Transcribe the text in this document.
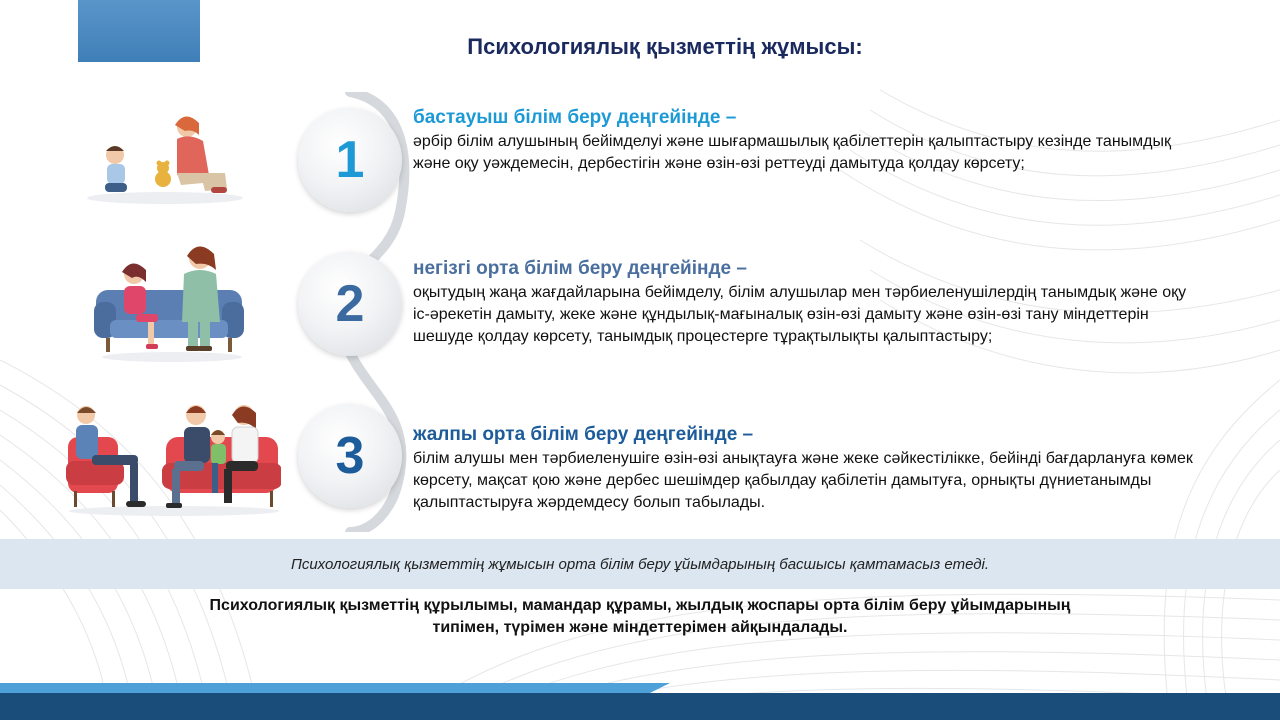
Психологиялық қызметтің жұмысы:
1
2
3
бастауыш білім беру деңгейінде –

әрбір білім алушының бейімделуі және шығармашылық қабілеттерін қалыптастыру кезінде танымдық және оқу уәждемесін, дербестігін және өзін-өзі реттеуді дамытуда қолдау көрсету;

негізгі орта білім беру деңгейінде –

оқытудың жаңа жағдайларына бейімделу, білім алушылар мен тәрбиеленушілердің танымдық және оқу іс-әрекетін дамыту, жеке және құндылық-мағыналық өзін-өзі дамыту және өзін-өзі тану міндеттерін шешуде қолдау көрсету, танымдық процестерге тұрақтылықты қалыптастыру;

жалпы орта білім беру деңгейінде –

білім алушы мен тәрбиеленушіге өзін-өзі анықтауға және жеке сәйкестілікке, бейінді бағдарлануға көмек көрсету, мақсат қою және дербес шешімдер қабылдау қабілетін дамытуға, орнықты дүниетанымды қалыптастыруға жәрдемдесу болып табылады.

Психологиялық қызметтің жұмысын орта білім беру ұйымдарының басшысы қамтамасыз етеді.
Психологиялық қызметтің құрылымы, мамандар құрамы, жылдық жоспары орта білім беру ұйымдарының типімен, түрімен және міндеттерімен айқындалады.
